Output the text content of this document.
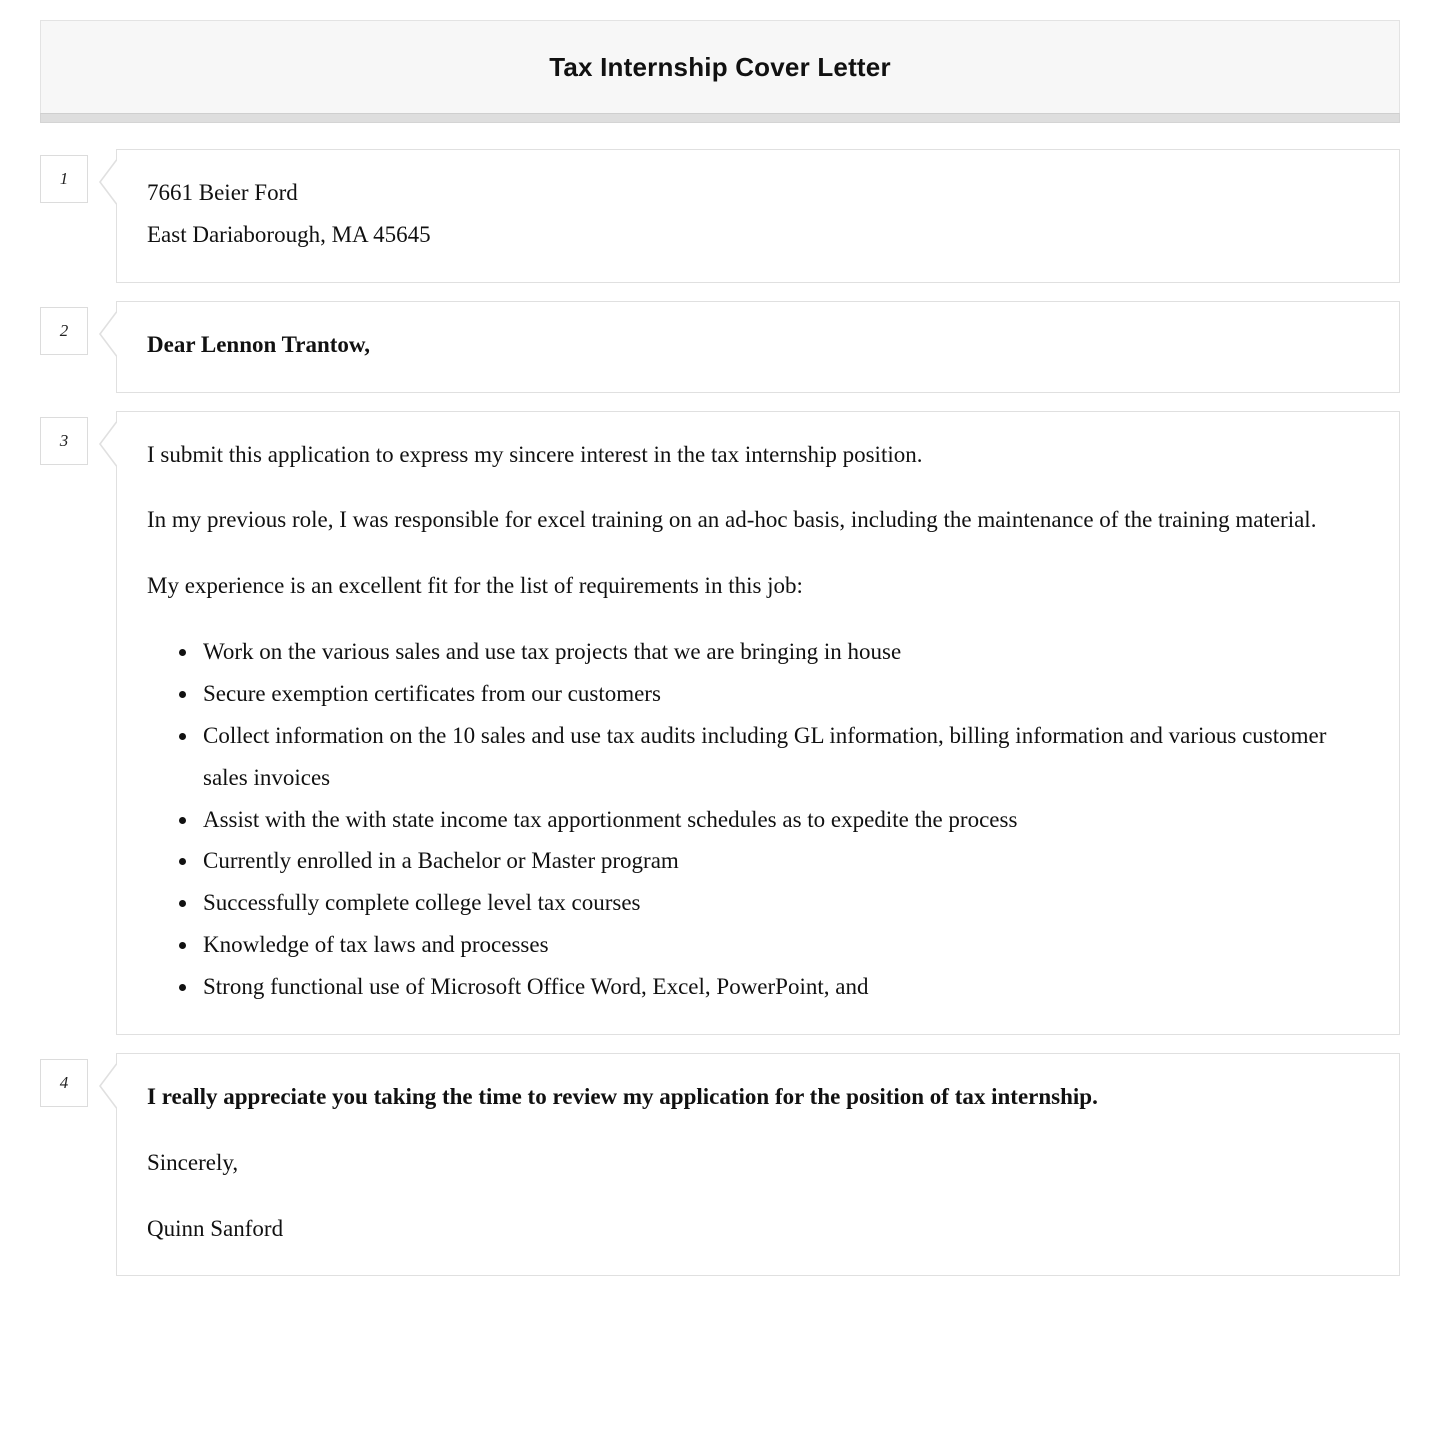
Tax Internship Cover Letter
1

7661 Beier Ford
East Dariaborough, MA 45645

2

Dear Lennon Trantow,

3

I submit this application to express my sincere interest in the tax internship position.

In my previous role, I was responsible for excel training on an ad-hoc basis, including the maintenance of the training material.

My experience is an excellent fit for the list of requirements in this job:

• Work on the various sales and use tax projects that we are bringing in house
• Secure exemption certificates from our customers
• Collect information on the 10 sales and use tax audits including GL information, billing information and various customer sales invoices
• Assist with the with state income tax apportionment schedules as to expedite the process
• Currently enrolled in a Bachelor or Master program
• Successfully complete college level tax courses
• Knowledge of tax laws and processes
• Strong functional use of Microsoft Office Word, Excel, PowerPoint, and
4

I really appreciate you taking the time to review my application for the position of tax internship.

Sincerely,

Quinn Sanford
